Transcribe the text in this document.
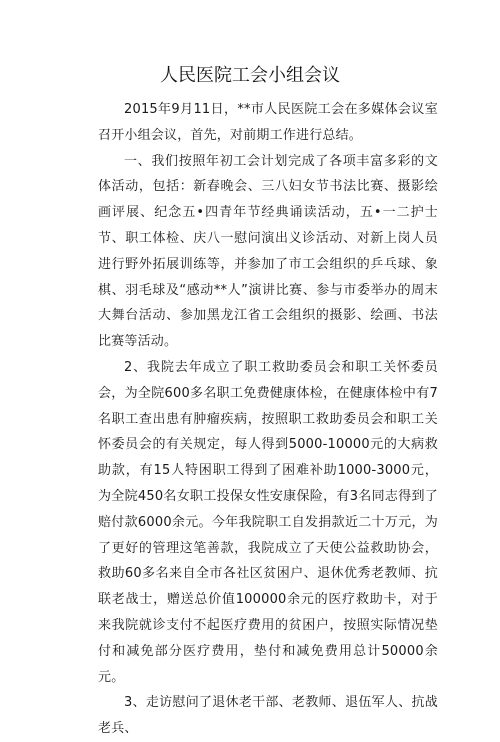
人民医院工会小组会议

2015年9月11日，**市人民医院工会在多媒体会议室召开小组会议，首先，对前期工作进行总结。

一、我们按照年初工会计划完成了各项丰富多彩的文体活动，包括：新春晚会、三八妇女节书法比赛、摄影绘画评展、纪念五•四青年节经典诵读活动，五•一二护士节、职工体检、庆八一慰问演出义诊活动、对新上岗人员进行野外拓展训练等，并参加了市工会组织的乒乓球、象棋、羽毛球及“感动**人”演讲比赛、参与市委举办的周末大舞台活动、参加黑龙江省工会组织的摄影、绘画、书法比赛等活动。

2、我院去年成立了职工救助委员会和职工关怀委员会，为全院600多名职工免费健康体检，在健康体检中有7名职工查出患有肿瘤疾病，按照职工救助委员会和职工关怀委员会的有关规定，每人得到5000-10000元的大病救助款，有15人特困职工得到了困难补助1000-3000元，为全院450名女职工投保女性安康保险，有3名同志得到了赔付款6000余元。今年我院职工自发捐款近二十万元，为了更好的管理这笔善款，我院成立了天使公益救助协会，救助60多名来自全市各社区贫困户、退休优秀老教师、抗联老战士，赠送总价值100000余元的医疗救助卡，对于来我院就诊支付不起医疗费用的贫困户，按照实际情况垫付和减免部分医疗费用，垫付和减免费用总计50000余元。

3、走访慰问了退休老干部、老教师、退伍军人、抗战老兵、
